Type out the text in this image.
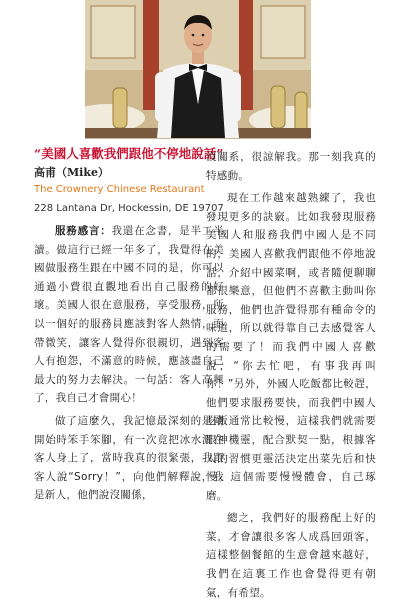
“美國人喜歡我們跟他不停地說話”

高甫（Mike）

The Crownery Chinese Restaurant

228 Lantana Dr, Hockessin, DE 19707

服務感言：我還在念書，是半工半讀。做這行已經一年多了，我覺得在美國做服務生跟在中國不同的是，你可以通過小費很直觀地看出自己服務的好壞。美國人很在意服務，享受服務，所以一個好的服務員應該對客人熱情，面帶微笑，讓客人覺得你很親切，遇到客人有抱怨，不滿意的時候，應該盡自己最大的努力去解決。一句話：客人高興了，我自己才會開心！

做了這麼久，我記憶最深刻的是剛開始時笨手笨腳，有一次竟把冰水灑在客人身上了，當時我真的很緊張，我跟客人說“Sorry！”，向他們解釋說，我是新人，他們說沒關係，

沒關系，很諒解我。那一刻我真的特感動。

現在工作越來越熟練了，我也發現更多的訣竅。比如我發現服務美國人和服務我們中國人是不同的，美國人喜歡我們跟他不停地說話，介紹中國菜啊，或者隨便聊聊都很樂意，但他們不喜歡主動叫你服務，他們也許覺得那有種命令的味道，所以就得靠自己去感覺客人的需要了！而我們中國人喜歡說，“你去忙吧，有事我再叫你！”另外，外國人吃飯都比較趕，他們要求服務要快，而我們中國人吃飯通常比較慢，這樣我們就需要眼神機靈，配合默契一點，根據客人的習慣更靈活決定出菜先后和快慢。這個需要慢慢體會，自己琢磨。

總之，我們好的服務配上好的菜，才會讓很多客人成爲回頭客，這樣整個餐館的生意會越來越好，我們在這裏工作也會覺得更有朝氣，有希望。
